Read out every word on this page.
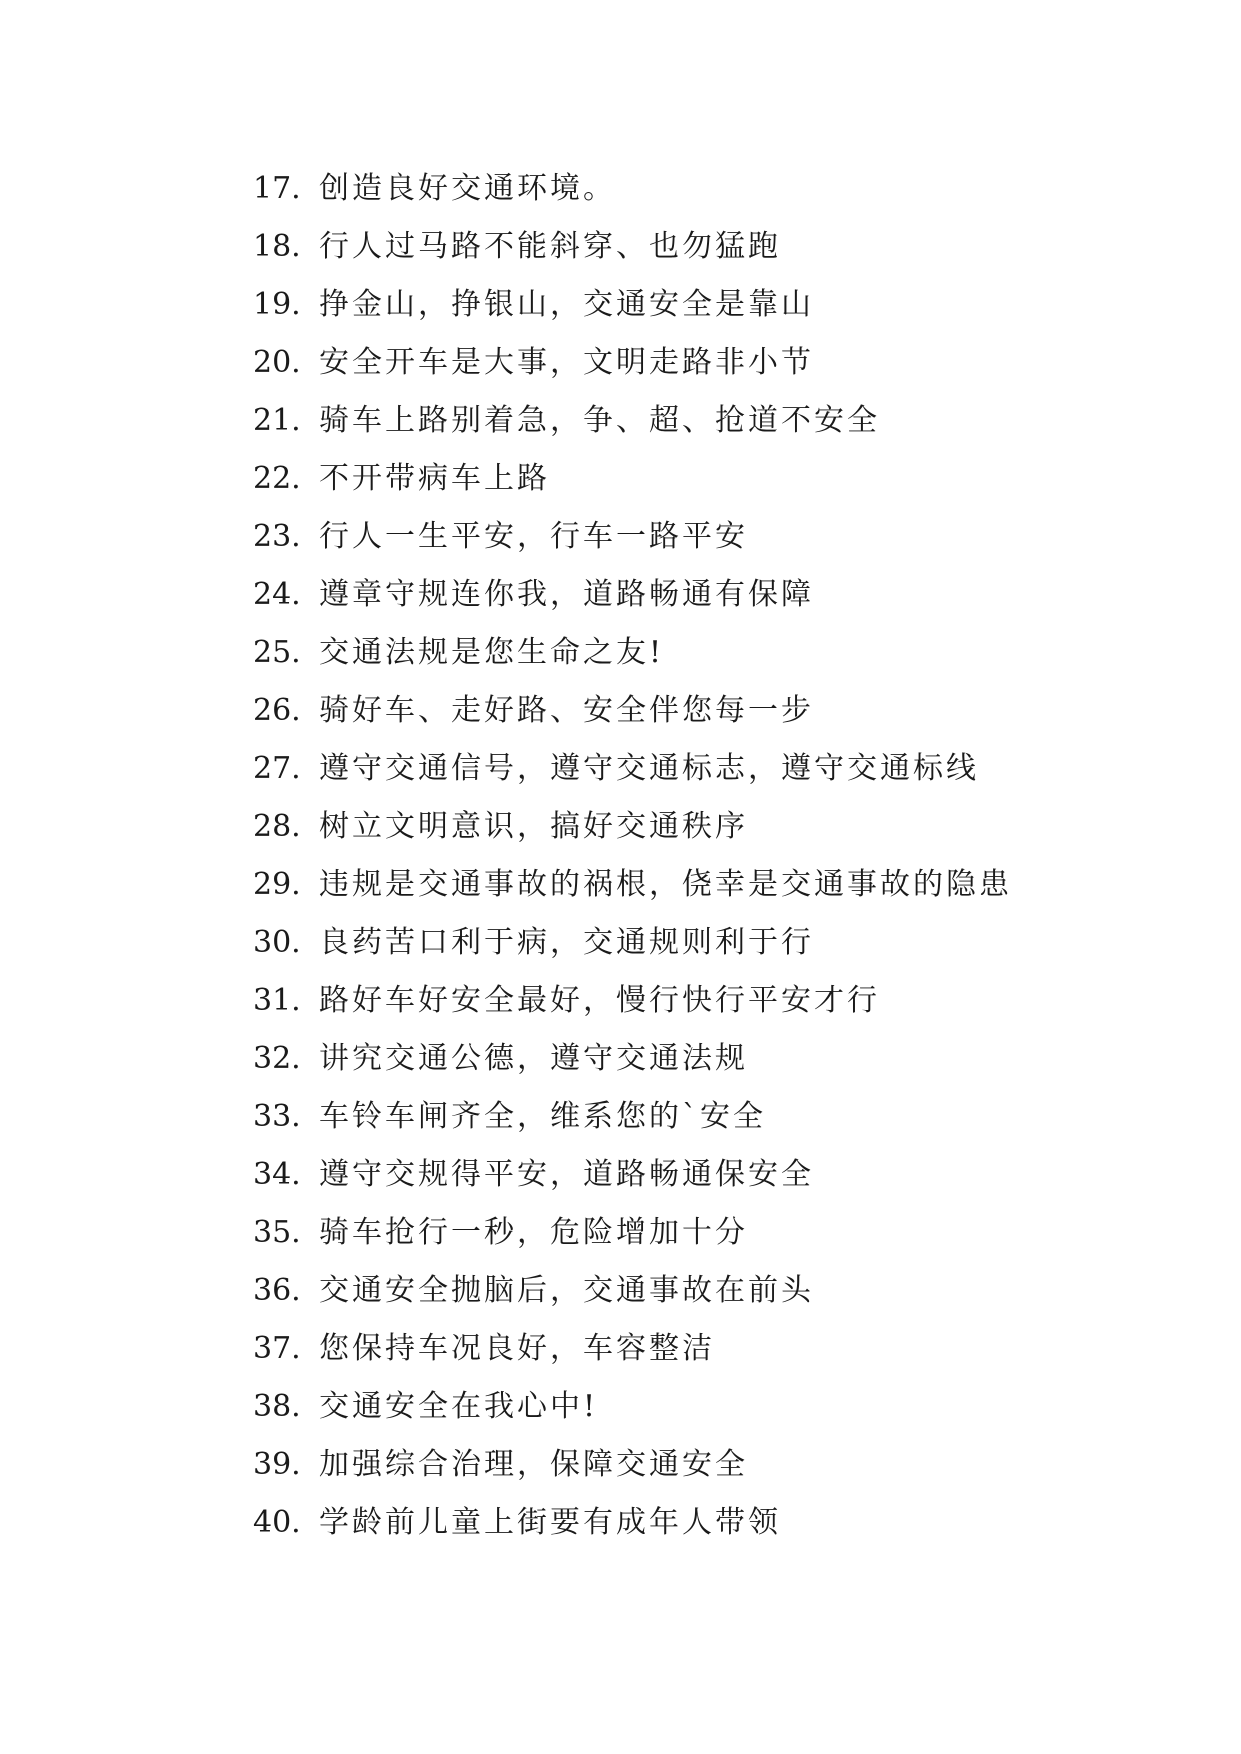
17. 创造良好交通环境。
18. 行人过马路不能斜穿、也勿猛跑
19. 挣金山，挣银山，交通安全是靠山
20. 安全开车是大事，文明走路非小节
21. 骑车上路别着急，争、超、抢道不安全
22. 不开带病车上路
23. 行人一生平安，行车一路平安
24. 遵章守规连你我，道路畅通有保障
25. 交通法规是您生命之友!
26. 骑好车、走好路、安全伴您每一步
27. 遵守交通信号，遵守交通标志，遵守交通标线
28. 树立文明意识，搞好交通秩序
29. 违规是交通事故的祸根，侥幸是交通事故的隐患
30. 良药苦口利于病，交通规则利于行
31. 路好车好安全最好，慢行快行平安才行
32. 讲究交通公德，遵守交通法规
33. 车铃车闸齐全，维系您的`安全
34. 遵守交规得平安，道路畅通保安全
35. 骑车抢行一秒，危险增加十分
36. 交通安全抛脑后，交通事故在前头
37. 您保持车况良好，车容整洁
38. 交通安全在我心中!
39. 加强综合治理，保障交通安全
40. 学龄前儿童上街要有成年人带领
